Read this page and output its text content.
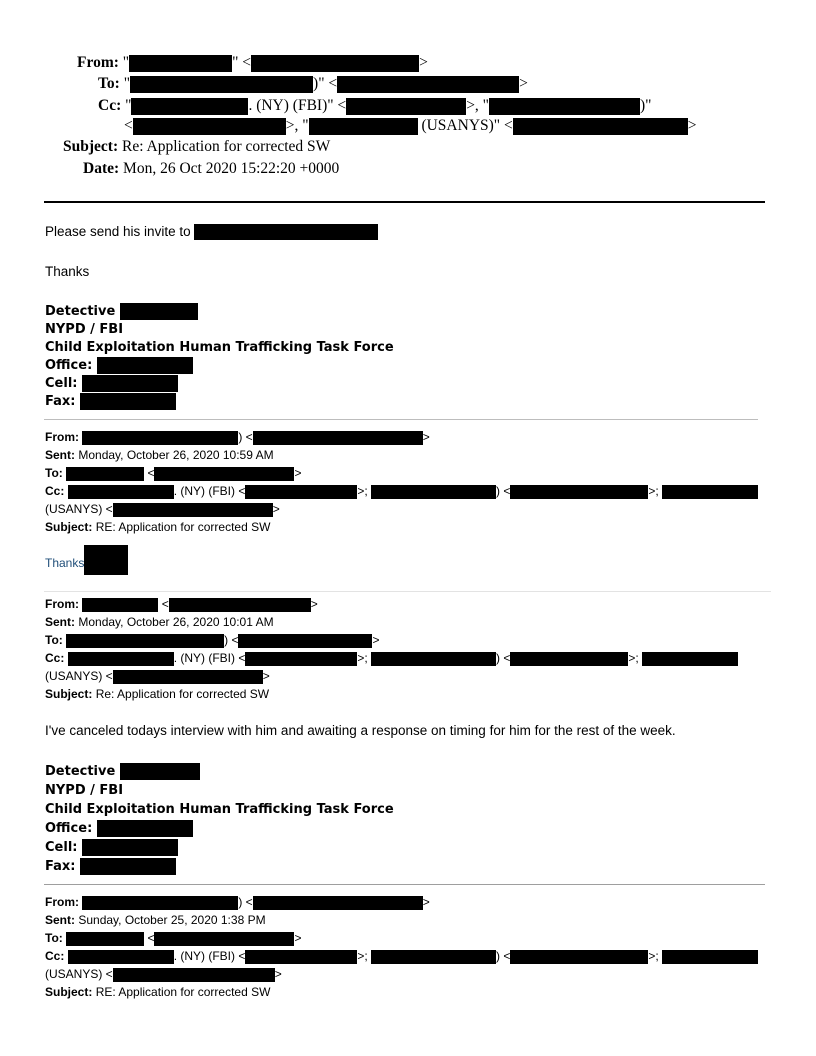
From: "	" <	>
To: "	)" <	>
Cc: "	. (NY) (FBI)" <	>, "	)"
<	>, "	(USANYS)" <	>
Subject: Re: Application for corrected SW
Date: Mon, 26 Oct 2020 15:22:20 +0000
Please send his invite to
Thanks
Detective
NYPD / FBI
Child Exploitation Human Trafficking Task Force
Office:
Cell:
Fax:
From:	) <	>
Sent: Monday, October 26, 2020 10:59 AM
To:	<	>
Cc:	. (NY) (FBI) <	>;	) <	>;
(USANYS) <	>
Subject: RE: Application for corrected SW
Thanks
From:	<	>
Sent: Monday, October 26, 2020 10:01 AM
To:	) <	>
Cc:	. (NY) (FBI) <	>;	) <	>;
(USANYS) <	>
Subject: Re: Application for corrected SW
I've canceled todays interview with him and awaiting a response on timing for him for the rest of the week.
Detective
NYPD / FBI
Child Exploitation Human Trafficking Task Force
Office:
Cell:
Fax:
From:	) <	>
Sent: Sunday, October 25, 2020 1:38 PM
To:	<	>
Cc:	. (NY) (FBI) <	>;	) <	>;
(USANYS) <	>
Subject: RE: Application for corrected SW
